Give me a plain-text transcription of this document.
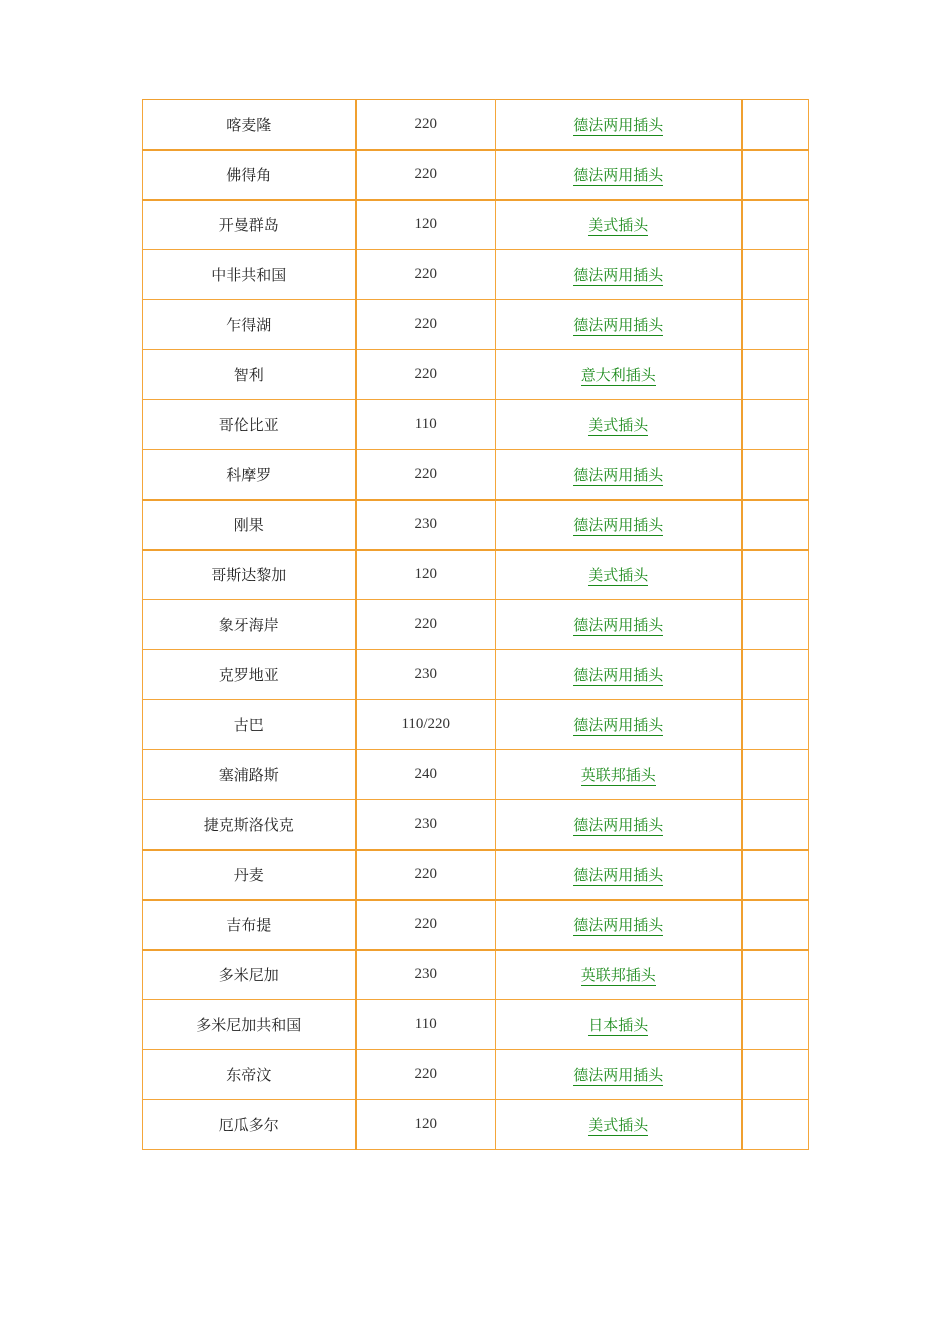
喀麦隆	220	德法两用插头	
佛得角	220	德法两用插头	
开曼群岛	120	美式插头	
中非共和国	220	德法两用插头	
乍得湖	220	德法两用插头	
智利	220	意大利插头	
哥伦比亚	110	美式插头	
科摩罗	220	德法两用插头	
刚果	230	德法两用插头	
哥斯达黎加	120	美式插头	
象牙海岸	220	德法两用插头	
克罗地亚	230	德法两用插头	
古巴	110/220	德法两用插头	
塞浦路斯	240	英联邦插头	
捷克斯洛伐克	230	德法两用插头	
丹麦	220	德法两用插头	
吉布提	220	德法两用插头	
多米尼加	230	英联邦插头	
多米尼加共和国	110	日本插头	
东帝汶	220	德法两用插头	
厄瓜多尔	120	美式插头	
